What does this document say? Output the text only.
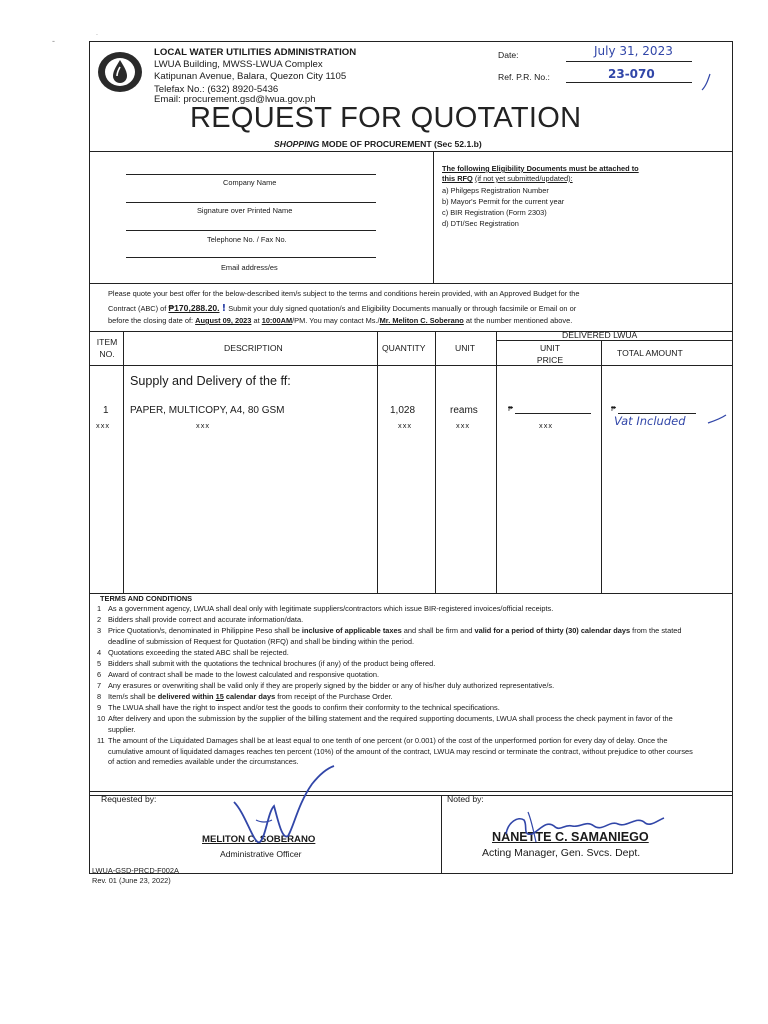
-
.
LOCAL WATER UTILITIES ADMINISTRATION
LWUA Building, MWSS-LWUA Complex
Katipunan Avenue, Balara, Quezon City 1105
Telefax No.: (632) 8920-5436
Email: procurement.gsd@lwua.gov.ph
Date:	July 31, 2023
Ref. P.R. No.:	23-070
REQUEST FOR QUOTATION
SHOPPING MODE OF PROCUREMENT (Sec 52.1.b)
Company Name
Signature over Printed Name
Telephone No. / Fax No.
Email address/es
The following Eligibility Documents must be attached to
this RFQ (if not yet submitted/updated):
a) Philgeps Registration Number
b) Mayor's Permit for the current year
c) BIR Registration (Form 2303)
d) DTI/Sec Registration
Please quote your best offer for the below-described item/s subject to the terms and conditions herein provided, with an Approved Budget for the
Contract (ABC) of ₱170,288.20. ! Submit your duly signed quotation/s and Eligibility Documents manually or through facsimile or Email on or
before the closing date of: August 09, 2023 at 10:00AM/PM. You may contact Ms./Mr. Meliton C. Soberano at the number mentioned above.
ITEM NO.
DESCRIPTION	QUANTITY	UNIT
DELIVERED LWUA
UNIT PRICE
TOTAL AMOUNT
Supply and Delivery of the ff:
1 PAPER, MULTICOPY, A4, 80 GSM	1,028	reams	₱	₱
Vat Included
xxx	xxx	xxx	xxx	xxx
TERMS AND CONDITIONS
1 As a government agency, LWUA shall deal only with legitimate suppliers/contractors which issue BIR-registered invoices/official receipts.
2 Bidders shall provide correct and accurate information/data.
3 Price Quotation/s, denominated in Philippine Peso shall be inclusive of applicable taxes and shall be firm and valid for a period of thirty (30) calendar days from the stated deadline of submission of Request for Quotation (RFQ) and shall be binding within the period.
4 Quotations exceeding the stated ABC shall be rejected.
5 Bidders shall submit with the quotations the technical brochures (if any) of the product being offered.
6 Award of contract shall be made to the lowest calculated and responsive quotation.
7 Any erasures or overwriting shall be valid only if they are properly signed by the bidder or any of his/her duly authorized representative/s.
8 Item/s shall be delivered within 15 calendar days from receipt of the Purchase Order.
9 The LWUA shall have the right to inspect and/or test the goods to confirm their conformity to the technical specifications.
10 After delivery and upon the submission by the supplier of the billing statement and the required supporting documents, LWUA shall process the check payment in favor of the supplier.
11 The amount of the Liquidated Damages shall be at least equal to one tenth of one percent (or 0.001) of the cost of the unperformed portion for every day of delay. Once the cumulative amount of liquidated damages reaches ten percent (10%) of the amount of the contract, LWUA may rescind or terminate the contract, without prejudice to other courses of action and remedies available under the circumstances.
Requested by:	Noted by:
MELITON C. SOBERANO
Administrative Officer
NANETTE C. SAMANIEGO
Acting Manager, Gen. Svcs. Dept.
LWUA-GSD-PRCD-F002A
Rev. 01 (June 23, 2022)
